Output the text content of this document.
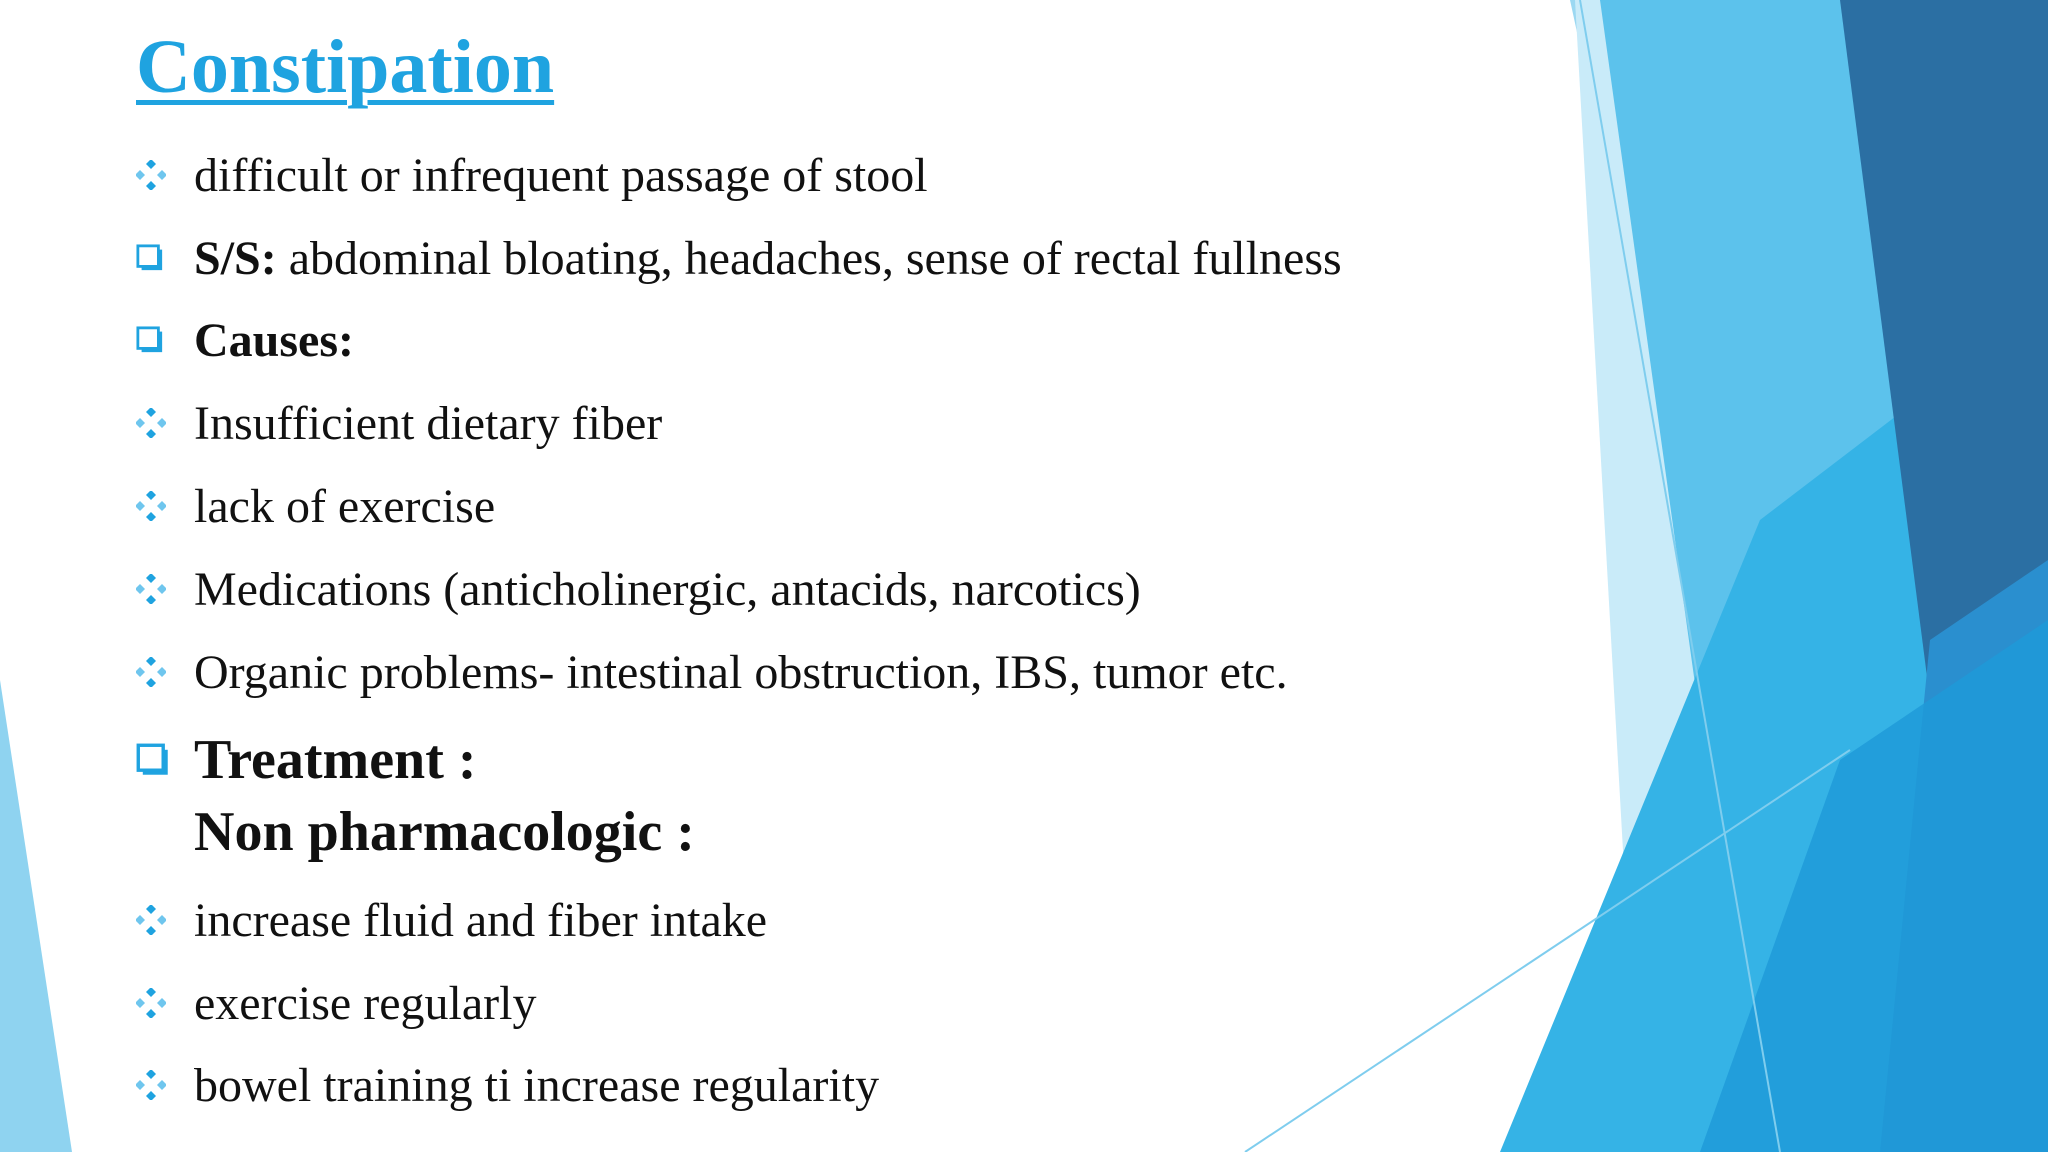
Constipation
difficult or infrequent passage of stool
S/S: abdominal bloating, headaches, sense of rectal fullness
Causes:
Insufficient dietary fiber
lack of exercise
Medications (anticholinergic, antacids, narcotics)
Organic problems- intestinal obstruction, IBS, tumor etc.
Treatment :
Non pharmacologic :
increase fluid and fiber intake
exercise regularly
bowel training ti increase regularity
